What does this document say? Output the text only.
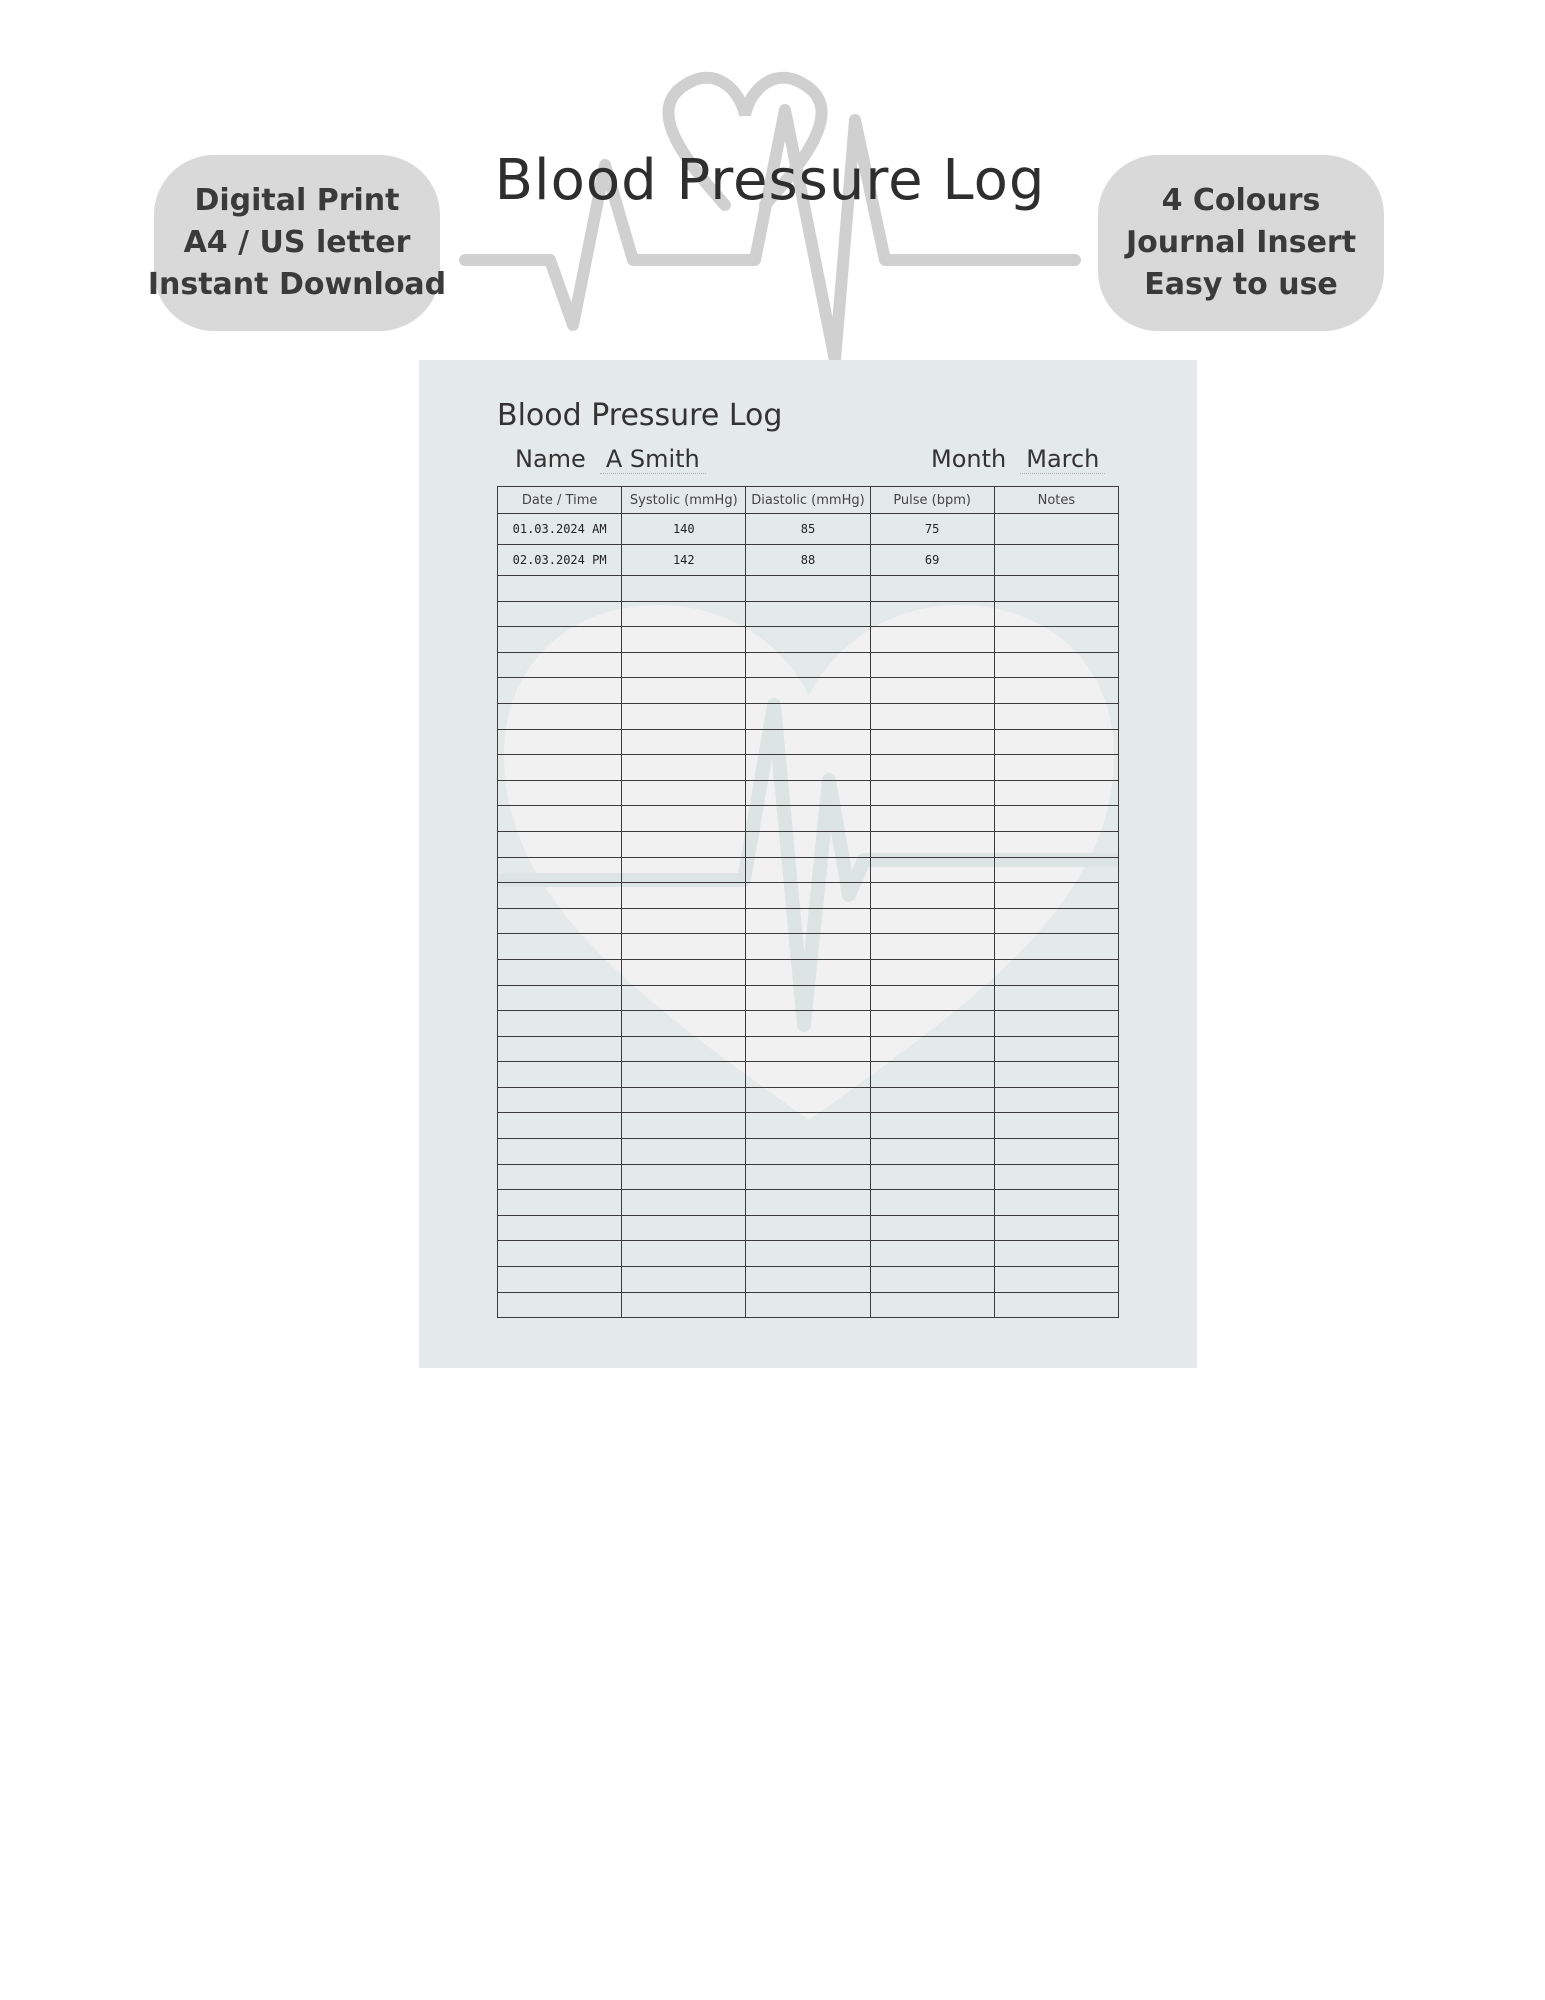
Blood Pressure Log
Digital Print
A4 / US letter
Instant Download
4 Colours
Journal Insert
Easy to use
Blood Pressure Log
Name A Smith	Month March
Date / Time	Systolic (mmHg)	Diastolic (mmHg)	Pulse (bpm)	Notes
01.03.2024 AM	140	85	75	
02.03.2024 PM	142	88	69	
